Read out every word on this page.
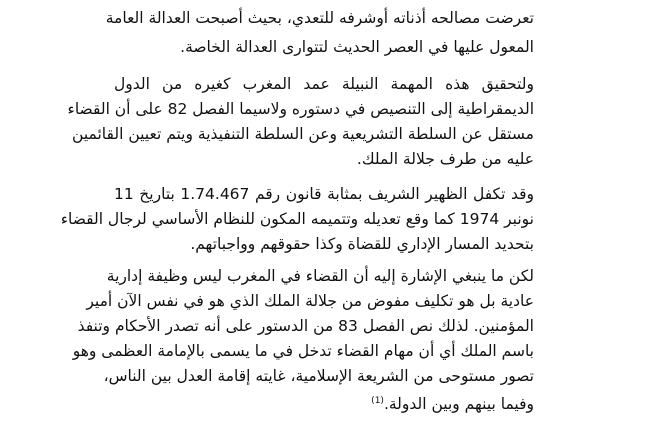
تعرضت مصالحه أذناته أوشرفه للتعدي، بحيث أصبحت العدالة العامة
المعول عليها في العصر الحديث لتتوارى العدالة الخاصة.
ولتحقيق هذه المهمة النبيلة عمد المغرب كغيره من الدول
الديمقراطية إلى التنصيص في دستوره ولاسيما الفصل 82 على أن القضاء
مستقل عن السلطة التشريعية وعن السلطة التنفيذية ويتم تعيين القائمين
عليه من طرف جلالة الملك.
وقد تكفل الظهير الشريف بمثابة قانون رقم 1.74.467 بتاريخ 11
نونبر 1974 كما وقع تعديله وتتميمه المكون للنظام الأساسي لرجال القضاء
بتحديد المسار الإداري للقضاة وكذا حقوقهم وواجباتهم.
لكن ما ينبغي الإشارة إليه أن القضاء في المغرب ليس وظيفة إدارية
عادية بل هو تكليف مفوض من جلالة الملك الذي هو في نفس الآن أمير
المؤمنين. لذلك نص الفصل 83 من الدستور على أنه تصدر الأحكام وتنفذ
باسم الملك أي أن مهام القضاء تدخل في ما يسمى بالإمامة العظمى وهو
تصور مستوحى من الشريعة الإسلامية، غايته إقامة العدل بين الناس،
وفيما بينهم وبين الدولة.$^{(1)}$
